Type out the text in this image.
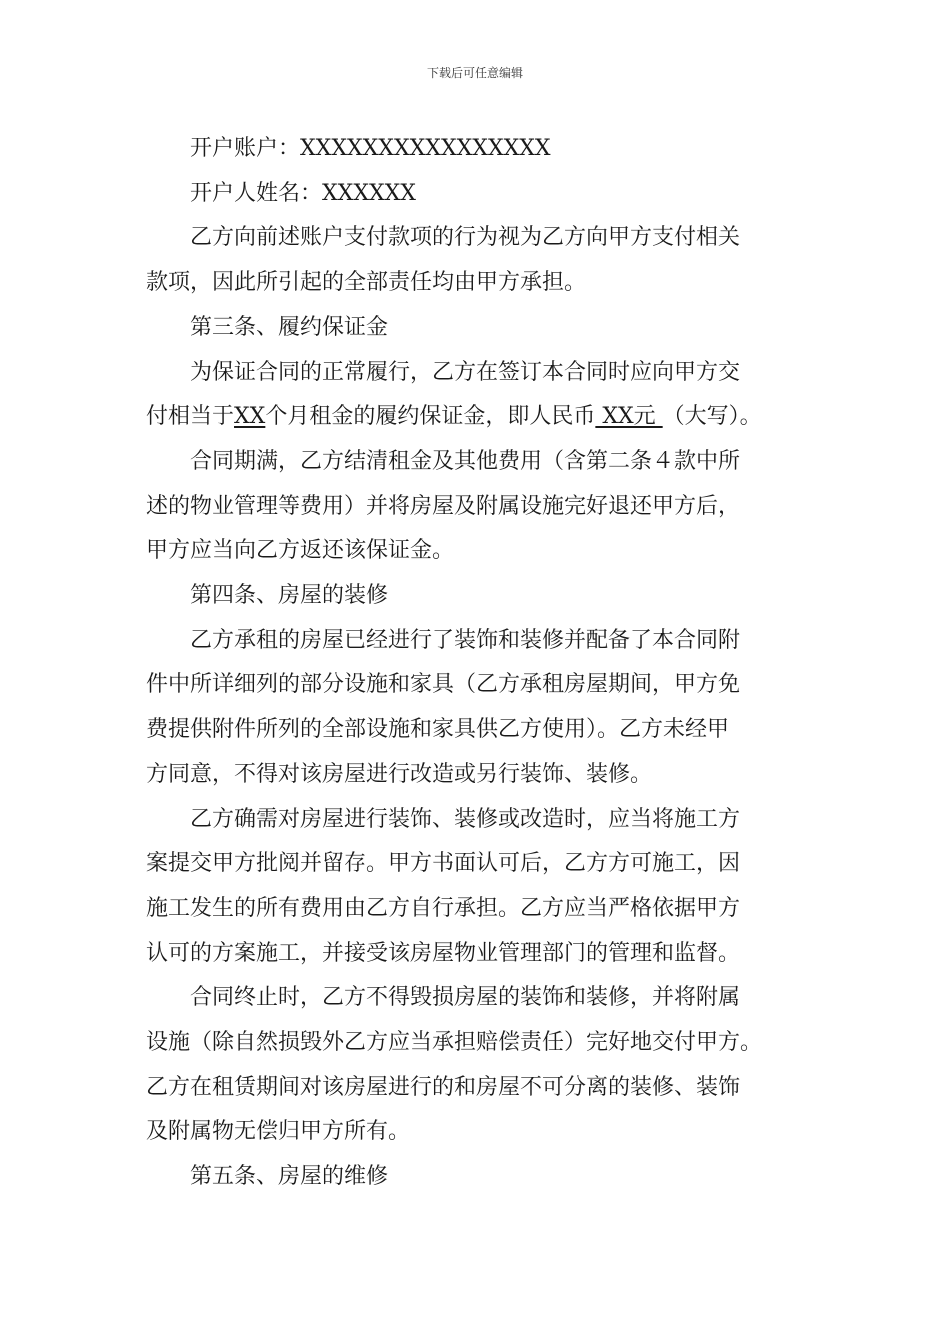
下载后可任意编辑

开户账户：XXXXXXXXXXXXXXXX

开户人姓名：XXXXXX

乙方向前述账户支付款项的行为视为乙方向甲方支付相关

款项，因此所引起的全部责任均由甲方承担。

第三条、履约保证金

为保证合同的正常履行，乙方在签订本合同时应向甲方交

付相当于XX个月租金的履约保证金，即人民币 XX元 （大写）。

合同期满，乙方结清租金及其他费用（含第二条４款中所

述的物业管理等费用）并将房屋及附属设施完好退还甲方后，

甲方应当向乙方返还该保证金。

第四条、房屋的装修

乙方承租的房屋已经进行了装饰和装修并配备了本合同附

件中所详细列的部分设施和家具（乙方承租房屋期间，甲方免

费提供附件所列的全部设施和家具供乙方使用）。乙方未经甲

方同意，不得对该房屋进行改造或另行装饰、装修。

乙方确需对房屋进行装饰、装修或改造时，应当将施工方

案提交甲方批阅并留存。甲方书面认可后，乙方方可施工，因

施工发生的所有费用由乙方自行承担。乙方应当严格依据甲方

认可的方案施工，并接受该房屋物业管理部门的管理和监督。

合同终止时，乙方不得毁损房屋的装饰和装修，并将附属

设施（除自然损毁外乙方应当承担赔偿责任）完好地交付甲方。

乙方在租赁期间对该房屋进行的和房屋不可分离的装修、装饰

及附属物无偿归甲方所有。

第五条、房屋的维修
